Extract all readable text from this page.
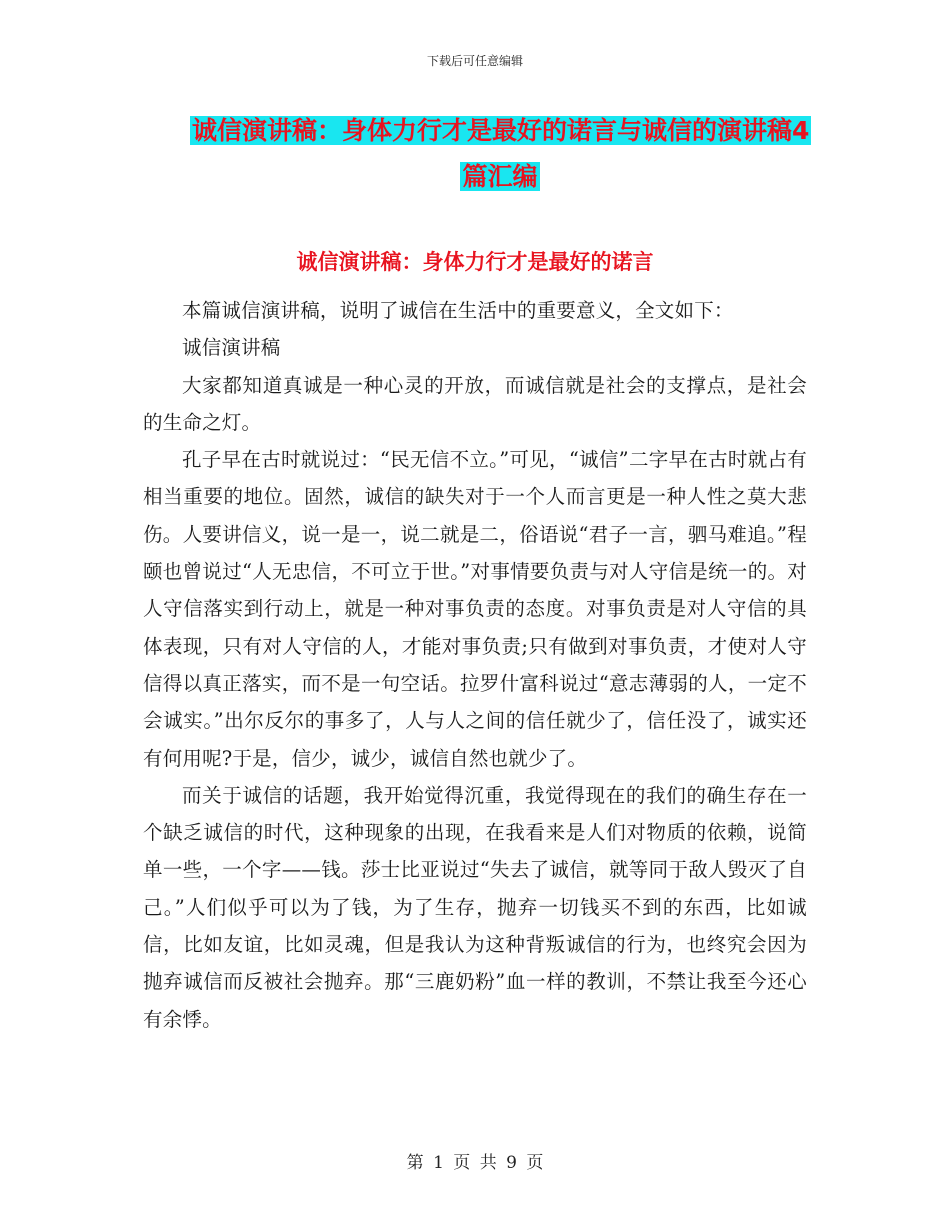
下载后可任意编辑
诚信演讲稿：身体力行才是最好的诺言与诚信的演讲稿4篇汇编
诚信演讲稿：身体力行才是最好的诺言

本篇诚信演讲稿，说明了诚信在生活中的重要意义，全文如下：

诚信演讲稿

大家都知道真诚是一种心灵的开放，而诚信就是社会的支撑点，是社会的生命之灯。

孔子早在古时就说过：“民无信不立。”可见，“诚信”二字早在古时就占有相当重要的地位。固然，诚信的缺失对于一个人而言更是一种人性之莫大悲伤。人要讲信义，说一是一，说二就是二，俗语说“君子一言，驷马难追。”程颐也曾说过“人无忠信，不可立于世。”对事情要负责与对人守信是统一的。对人守信落实到行动上，就是一种对事负责的态度。对事负责是对人守信的具体表现，只有对人守信的人，才能对事负责;只有做到对事负责，才使对人守信得以真正落实，而不是一句空话。拉罗什富科说过“意志薄弱的人，一定不会诚实。”出尔反尔的事多了，人与人之间的信任就少了，信任没了，诚实还有何用呢?于是，信少，诚少，诚信自然也就少了。

而关于诚信的话题，我开始觉得沉重，我觉得现在的我们的确生存在一个缺乏诚信的时代，这种现象的出现，在我看来是人们对物质的依赖，说简单一些，一个字——钱。莎士比亚说过“失去了诚信，就等同于敌人毁灭了自己。”人们似乎可以为了钱，为了生存，抛弃一切钱买不到的东西，比如诚信，比如友谊，比如灵魂，但是我认为这种背叛诚信的行为，也终究会因为抛弃诚信而反被社会抛弃。那“三鹿奶粉”血一样的教训，不禁让我至今还心有余悸。

第 1 页 共 9 页
